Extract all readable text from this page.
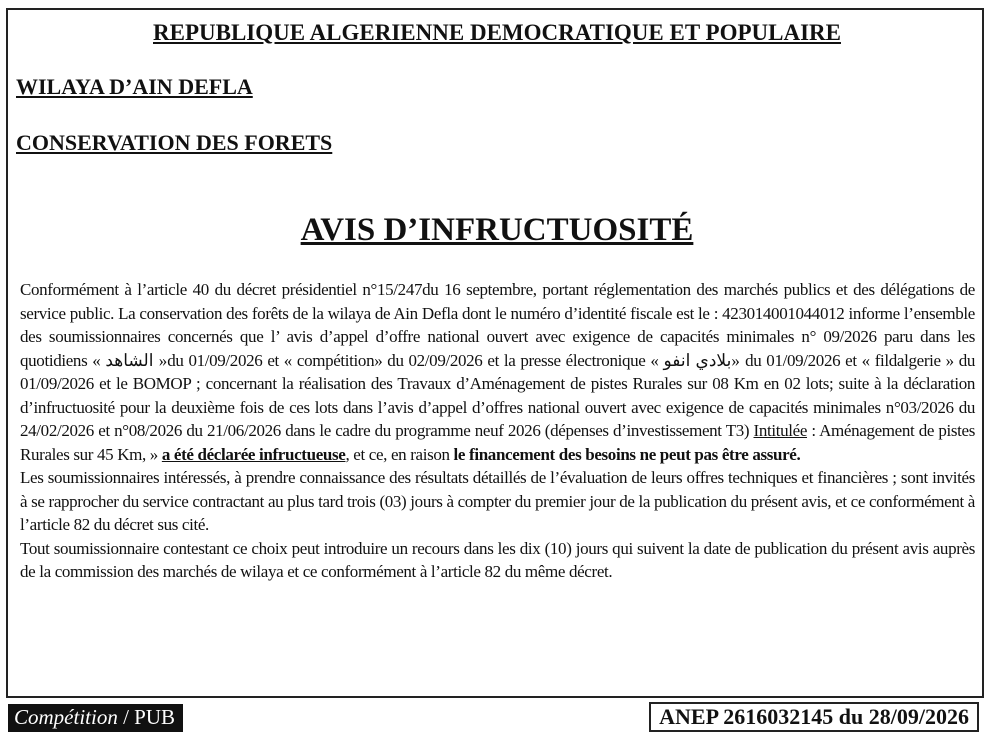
REPUBLIQUE ALGERIENNE DEMOCRATIQUE ET POPULAIRE
WILAYA D’AIN DEFLA
CONSERVATION DES FORETS
AVIS D’INFRUCTUOSITÉ

Conformément à l’article 40 du décret présidentiel n°15/247du 16 septembre, portant réglementation des marchés publics et des délégations de service public. La conservation des forêts de la wilaya de Ain Defla dont le numéro d’identité fiscale est le : 423014001044012 informe l’ensemble des soumissionnaires concernés que l’ avis d’appel d’offre national ouvert avec exigence de capacités minimales n° 09/2026 paru dans les quotidiens « الشاهد »du 01/09/2026 et « compétition» du 02/09/2026 et la presse électronique « بلادي انفو» du 01/09/2026 et « fildalgerie » du 01/09/2026 et le BOMOP ; concernant la réalisation des Travaux d’Aménagement de pistes Rurales sur 08 Km en 02 lots; suite à la déclaration d’infructuosité pour la deuxième fois de ces lots dans l’avis d’appel d’offres national ouvert avec exigence de capacités minimales n°03/2026 du 24/02/2026 et n°08/2026 du 21/06/2026 dans le cadre du programme neuf 2026 (dépenses d’investissement T3) Intitulée : Aménagement de pistes Rurales sur 45 Km, » a été déclarée infructueuse, et ce, en raison le financement des besoins ne peut pas être assuré.

Les soumissionnaires intéressés, à prendre connaissance des résultats détaillés de l’évaluation de leurs offres techniques et financières ; sont invités à se rapprocher du service contractant au plus tard trois (03) jours à compter du premier jour de la publication du présent avis, et ce conformément à l’article 82 du décret sus cité.

Tout soumissionnaire contestant ce choix peut introduire un recours dans les dix (10) jours qui suivent la date de publication du présent avis auprès de la commission des marchés de wilaya et ce conformément à l’article 82 du même décret.

Compétition / PUB	ANEP 2616032145 du 28/09/2026
